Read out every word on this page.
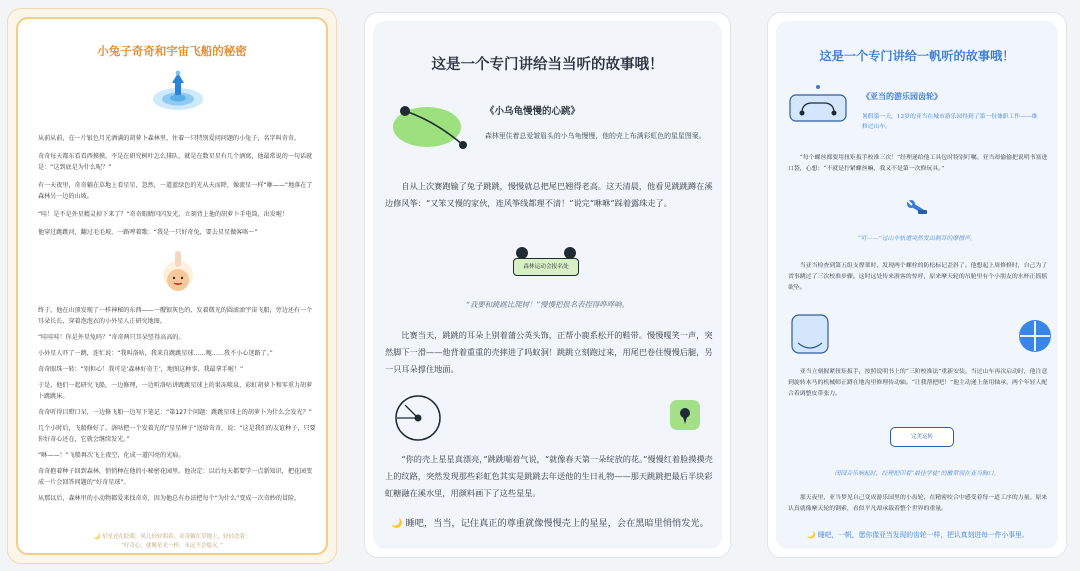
小兔子奇奇和宇宙飞船的秘密

从前从前，在一片银色月光洒满的胡萝卜森林里，住着一只特别爱问问题的小兔子，名字叫奇奇。

奇奇每天都东看看西摸摸，不是在研究树叶怎么排队，就是在数星星有几个酒窝，他最常说的一句话就是：“这到底是为什么呢？”

有一天夜里，奇奇躺在草地上看星星，忽然，一道蓝绿色的光从天而降，像流星一样“咻——”地落在了森林另一边的山坡。

“哇！是不是外星精灵掉下来了？”奇奇眼睛闪闪发光，立刻背上他的胡萝卜手电筒，出发啦！

他穿过跳跳河，翻过毛毛坡，一路哼着歌：“我是一只好奇兔，要去星星做客咯～”

终于，他在山顶发现了一样神秘的东西——一艘银灰色的、发着微光的圆滚滚宇宙飞船，旁边还有一个耳朵长长、穿着泡泡衣的小外星人正研究地图。

“哇哇哇！你是外星兔吗？”奇奇两只耳朵竖得高高的。

小外星人吓了一跳，连忙说：“我叫洛咕，我来自跳跳星球……呃……我不小心迷路了。”

奇奇眼珠一转：“别担心！我可是‘森林好奇王’，地图这种事，我最拿手啦！”

于是，他们一起研究飞船，一边修理，一边听洛咕讲跳跳星球上的果冻喷泉、彩虹胡萝卜和零重力胡萝卜跳跳床。

奇奇听得目瞪口呆，一边修飞船一边写下笔记：“第127个问题：跳跳星球上的胡萝卜为什么会发光？”

几个小时后，飞船修好了。洛咕把一个发着光的“星星种子”送给奇奇，说：“这是我们的友谊种子，只要你好奇心还在，它就会继续发光。”

“咻——！”飞船再次飞上夜空，化成一道闪亮的光痕。

奇奇抱着种子回到森林，悄悄种在他的小秘密花园里。他决定：以后每天都要学一点新知识，把花园变成一片会回答问题的“好奇星球”。

从那以后，森林里的小动物都爱来找奇奇，因为他总有办法把每个“为什么”变成一次奇妙的冒险。

🌙 星星还在眨眼，风儿轻轻唱着，奇奇躺在草地上，轻轻念着：
“好奇心，就像星光一样，永远不会熄灭。”
这是一个专门讲给当当听的故事哦！
《小乌龟慢慢的心跳》
森林里住着总爱皱眉头的小乌龟慢慢，他的壳上布满彩虹色的星星图案。
自从上次赛跑输了兔子跳跳，慢慢就总把尾巴翘得老高。这天清晨，他看见跳跳蹲在溪边修风筝：“又笨又慢的家伙，连风筝线都理不清！”说完“咻咻”踩着露珠走了。
森林运动会报名处
“我要和跳跳比爬树！”慢慢把报名表捏得哗哗响。
比赛当天，跳跳的耳朵上别着蒲公英头饰，正帮小鹿系松开的鞋带。慢慢嘎笑一声，突然脚下一滑——他背着重重的壳摔进了吗蚁洞！跳跳立刻跑过来，用尾巴卷住慢慢后腿，另一只耳朵撑住地面。
“你的壳上星星真漂亮，”跳跳喘着气说，“就像春天第一朵绽放的花。”慢慢红着脸摸摸壳上的纹路，突然发现那些彩虹色其实是跳跳去年送他的生日礼物——那天跳跳把最后半块彩虹糖融在溪水里，用颜料画下了这些星星。
🌙 睡吧，当当，记住真正的尊重就像慢慢壳上的星星，会在黑暗里悄悄发光。
这是一个专门讲给一帆听的故事哦！
《亚当的游乐园齿轮》
暑假第一天，12岁的亚当在城市游乐园得到了第一份兼职工作——维修过山车。
“每个螺丝都要用扭矩扳手校准三次！”经理递给他工具包时特别叮嘱。亚当却偷偷把说明书塞进口袋，心想：“不就是拧紧螺丝嘛，我又不是第一次修玩具。”
“吖——”过山车轨道突然发出刺耳的摩擦声。
当亚当检查到第五组支撑架时，发现两个螺栓的防松标记歪斜了。他想起上周修修时，自己为了省事跳过了三次校准步骤。这时远处传来游客的惊呼，原来摩天轮的吊舱里有个小朋友的水杯正摇摇欲坠。
亚当立刻握紧扭矩扳手，按照说明书上的“三阶校准法”重新安装。当过山车再次启动时，他注意到旋转木马的机械师正蹲在地沟里修理传动轴。“让我帮把吧！”他主动递上备用轴承，两个年轻人配合着调整皮带张力。
完美运转
闭园音乐响起时，经理把印着“最佳学徒”的徽章别在亚当胸口。
那天夜里，亚当梦见自己变成游乐园里的小齿轮，在精密咬合中感受着每一道工序的力量。原来认真就像摩天轮的钢索，看似平凡却承载着整个世界的重量。
🌙 睡吧，一帆，愿你像亚当发现的齿轮一样，把认真刻进每一件小事里。
